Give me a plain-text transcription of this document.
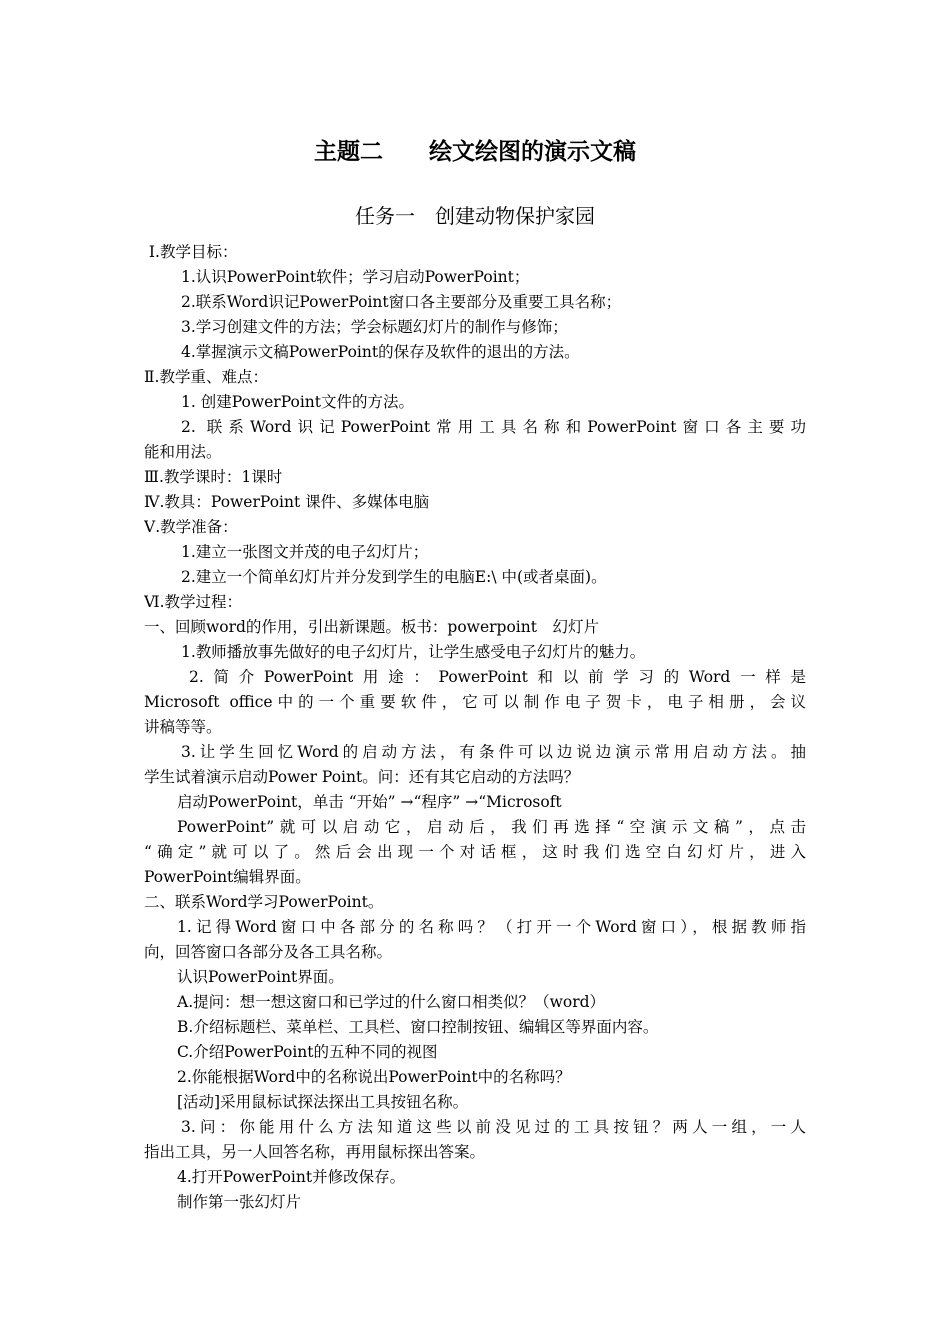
主题二　　绘文绘图的演示文稿
任务一　创建动物保护家园
Ⅰ.教学目标：
1.认识PowerPoint软件；学习启动PowerPoint；
2.联系Word识记PowerPoint窗口各主要部分及重要工具名称；
3.学习创建文件的方法；学会标题幻灯片的制作与修饰；
4.掌握演示文稿PowerPoint的保存及软件的退出的方法。
Ⅱ.教学重、难点：
1. 创建PowerPoint文件的方法。
2. 联系Word识记PowerPoint常用工具名称和PowerPoint窗口各主要功
能和用法。
Ⅲ.教学课时：1课时
Ⅳ.教具：PowerPoint 课件、多媒体电脑
Ⅴ.教学准备：
1.建立一张图文并茂的电子幻灯片；
2.建立一个简单幻灯片并分发到学生的电脑E:\ 中(或者桌面)。
Ⅵ.教学过程：
一、回顾word的作用，引出新课题。板书：powerpoint　幻灯片
1.教师播放事先做好的电子幻灯片，让学生感受电子幻灯片的魅力。
2.简介PowerPoint用途：PowerPoint和以前学习的Word一样是
Microsoft office中的一个重要软件，它可以制作电子贺卡，电子相册，会议
讲稿等等。
3.让学生回忆Word的启动方法，有条件可以边说边演示常用启动方法。抽
学生试着演示启动Power Point。问：还有其它启动的方法吗？
启动PowerPoint，单击 “开始” →“程序” →“Microsoft
PowerPoint”就可以启动它，启动后，我们再选择“空演示文稿”，点击
“确定”就可以了。然后会出现一个对话框，这时我们选空白幻灯片，进入
PowerPoint编辑界面。
二、联系Word学习PowerPoint。
1.记得Word窗口中各部分的名称吗？（打开一个Word窗口），根据教师指
向，回答窗口各部分及各工具名称。
认识PowerPoint界面。
A.提问：想一想这窗口和已学过的什么窗口相类似？（word）
B.介绍标题栏、菜单栏、工具栏、窗口控制按钮、编辑区等界面内容。
C.介绍PowerPoint的五种不同的视图
2.你能根据Word中的名称说出PowerPoint中的名称吗？
[活动]采用鼠标试探法探出工具按钮名称。
3.问：你能用什么方法知道这些以前没见过的工具按钮？两人一组，一人
指出工具，另一人回答名称，再用鼠标探出答案。
4.打开PowerPoint并修改保存。
制作第一张幻灯片
